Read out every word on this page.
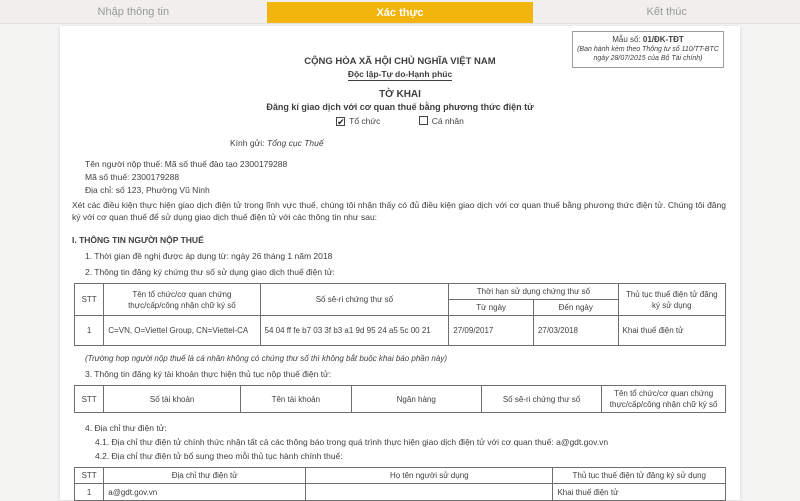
Nhập thông tin	Xác thực	Kết thúc
Mẫu số: 01/ĐK-TĐT
(Ban hành kèm theo Thông tư số 110/TT-BTC ngày 28/07/2015 của Bộ Tài chính)
CỘNG HÒA XÃ HỘI CHỦ NGHĨA VIỆT NAM
Độc lập-Tự do-Hạnh phúc
TỜ KHAI
Đăng kí giao dịch với cơ quan thuế bằng phương thức điện tử
✔ Tổ chức	Cá nhân
Kính gửi: Tổng cục Thuế
Tên người nộp thuế: Mã số thuế đào tạo 2300179288
Mã số thuế: 2300179288
Địa chỉ: số 123, Phường Vũ Ninh
Xét các điều kiện thực hiện giao dịch điện tử trong lĩnh vực thuế, chúng tôi nhận thấy có đủ điều kiện giao dịch với cơ quan thuế bằng phương thức điện tử. Chúng tôi đăng ký với cơ quan thuế để sử dụng giao dịch thuế điện tử với các thông tin như sau:
I. THÔNG TIN NGƯỜI NỘP THUẾ
1. Thời gian đề nghị được áp dụng từ: ngày 26 tháng 1 năm 2018
2. Thông tin đăng ký chứng thư số sử dụng giao dịch thuế điện tử:
STT	Tên tổ chức/cơ quan chứng thực/cấp/công nhận chữ ký số	Số sê-ri chứng thư số	Thời hạn sử dụng chứng thư số		Thủ tục thuế điện tử đăng ký sử dụng
			Từ ngày	Đến ngày	
1	C=VN, O=Viettel Group, CN=Viettel-CA	54 04 ff fe b7 03 3f b3 a1 9d 95 24 a5 5c 00 21	27/09/2017	27/03/2018	Khai thuế điện tử
(Trường hợp người nộp thuế là cá nhân không có chứng thư số thì không bắt buộc khai báo phần này)
3. Thông tin đăng ký tài khoản thực hiện thủ tục nộp thuế điện tử:
STT	Số tài khoản	Tên tài khoản	Ngân hàng	Số sê-ri chứng thư số	Tên tổ chức/cơ quan chứng thực/cấp/công nhận chữ ký số
4. Địa chỉ thư điện tử:
4.1. Địa chỉ thư điện tử chính thức nhận tất cả các thông báo trong quá trình thực hiện giao dịch điện tử với cơ quan thuế: a@gdt.gov.vn
4.2. Địa chỉ thư điện tử bổ sung theo mỗi thủ tục hành chính thuế:
STT	Địa chỉ thư điện tử	Họ tên người sử dụng	Thủ tục thuế điện tử đăng ký sử dụng
1	a@gdt.gov.vn		Khai thuế điện tử
